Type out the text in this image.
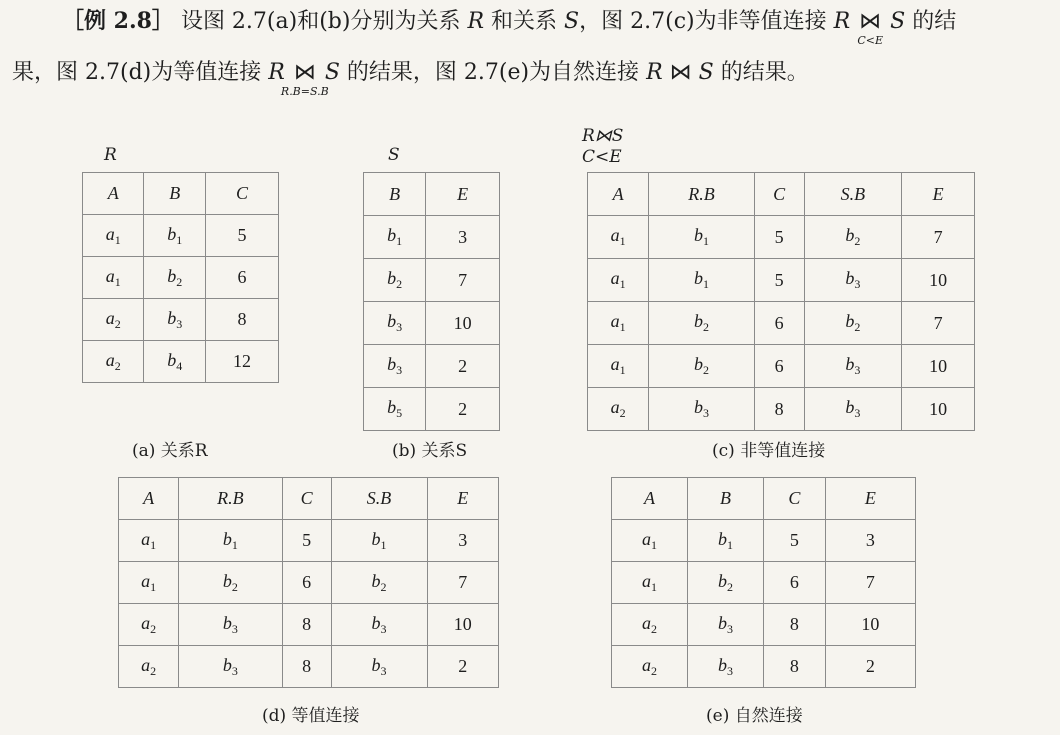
［例 2.8］ 设图 2.7(a)和(b)分别为关系 R 和关系 S，图 2.7(c)为非等值连接 R ⋈
C<E
S 的结
果，图 2.7(d)为等值连接 R ⋈
R.B=S.B
S 的结果，图 2.7(e)为自然连接 R ⋈ S 的结果。
R	S
R⋈S
C<E
A	B	C
$a_1$	$b_1$	5
$a_1$	$b_2$	6
$a_2$	$b_3$	8
$a_2$	$b_4$	12
B	E
$b_1$	3
$b_2$	7
$b_3$	10
$b_3$	2
$b_5$	2
A	R.B	C	S.B	E
$a_1$	$b_1$	5	$b_2$	7
$a_1$	$b_1$	5	$b_3$	10
$a_1$	$b_2$	6	$b_2$	7
$a_1$	$b_2$	6	$b_3$	10
$a_2$	$b_3$	8	$b_3$	10
A	R.B	C	S.B	E
$a_1$	$b_1$	5	$b_1$	3
$a_1$	$b_2$	6	$b_2$	7
$a_2$	$b_3$	8	$b_3$	10
$a_2$	$b_3$	8	$b_3$	2
A	B	C	E
$a_1$	$b_1$	5	3
$a_1$	$b_2$	6	7
$a_2$	$b_3$	8	10
$a_2$	$b_3$	8	2
(a) 关系R	(b) 关系S	(c) 非等值连接
(d) 等值连接	(e) 自然连接
